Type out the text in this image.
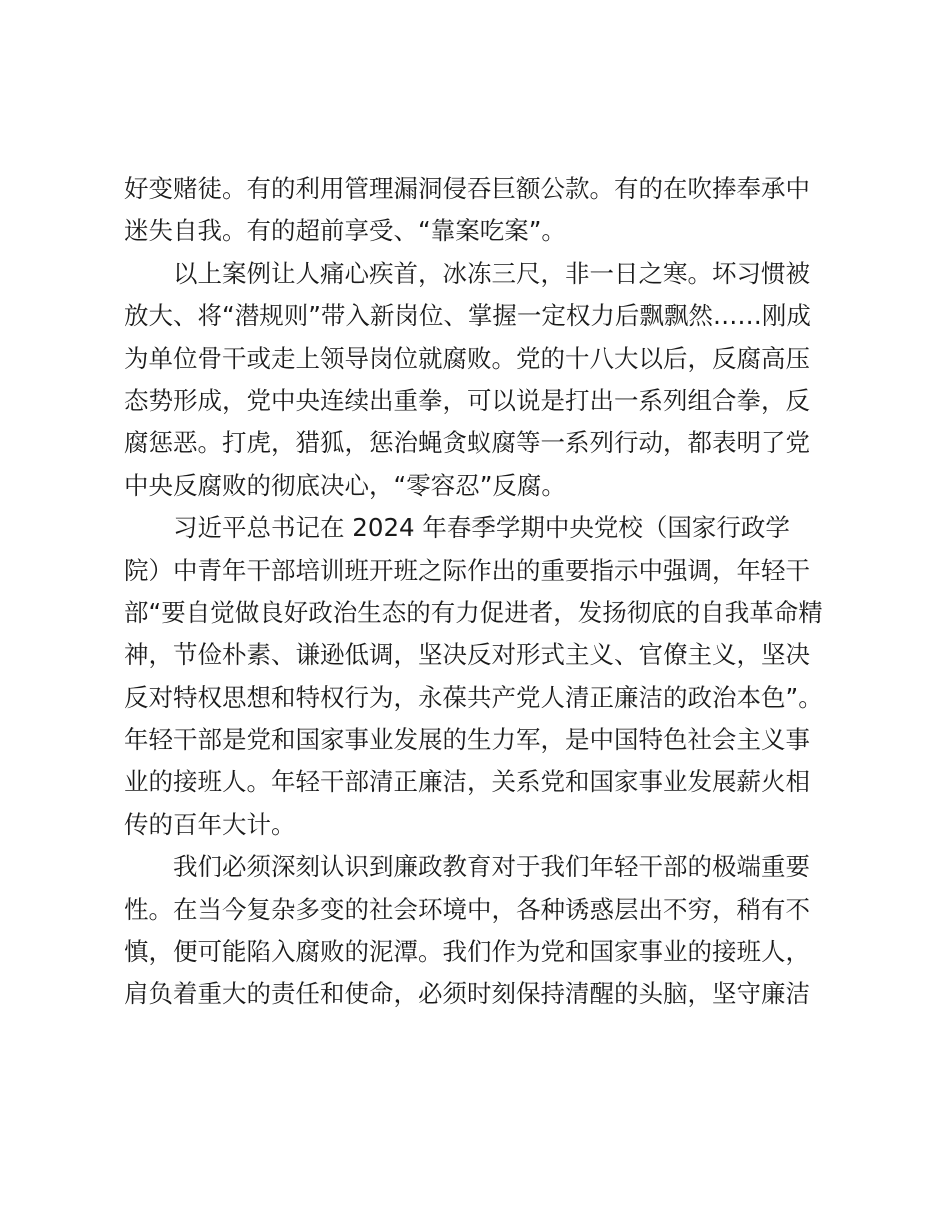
好变赌徒。有的利用管理漏洞侵吞巨额公款。有的在吹捧奉承中
迷失自我。有的超前享受、“靠案吃案”。
以上案例让人痛心疾首，冰冻三尺，非一日之寒。坏习惯被
放大、将“潜规则”带入新岗位、掌握一定权力后飘飘然……刚成
为单位骨干或走上领导岗位就腐败。党的十八大以后，反腐高压
态势形成，党中央连续出重拳，可以说是打出一系列组合拳，反
腐惩恶。打虎，猎狐，惩治蝇贪蚁腐等一系列行动，都表明了党
中央反腐败的彻底决心，“零容忍”反腐。
习近平总书记在 2024 年春季学期中央党校（国家行政学
院）中青年干部培训班开班之际作出的重要指示中强调，年轻干
部“要自觉做良好政治生态的有力促进者，发扬彻底的自我革命精
神，节俭朴素、谦逊低调，坚决反对形式主义、官僚主义，坚决
反对特权思想和特权行为，永葆共产党人清正廉洁的政治本色”。
年轻干部是党和国家事业发展的生力军，是中国特色社会主义事
业的接班人。年轻干部清正廉洁，关系党和国家事业发展薪火相
传的百年大计。
我们必须深刻认识到廉政教育对于我们年轻干部的极端重要
性。在当今复杂多变的社会环境中，各种诱惑层出不穷，稍有不
慎，便可能陷入腐败的泥潭。我们作为党和国家事业的接班人，
肩负着重大的责任和使命，必须时刻保持清醒的头脑，坚守廉洁
